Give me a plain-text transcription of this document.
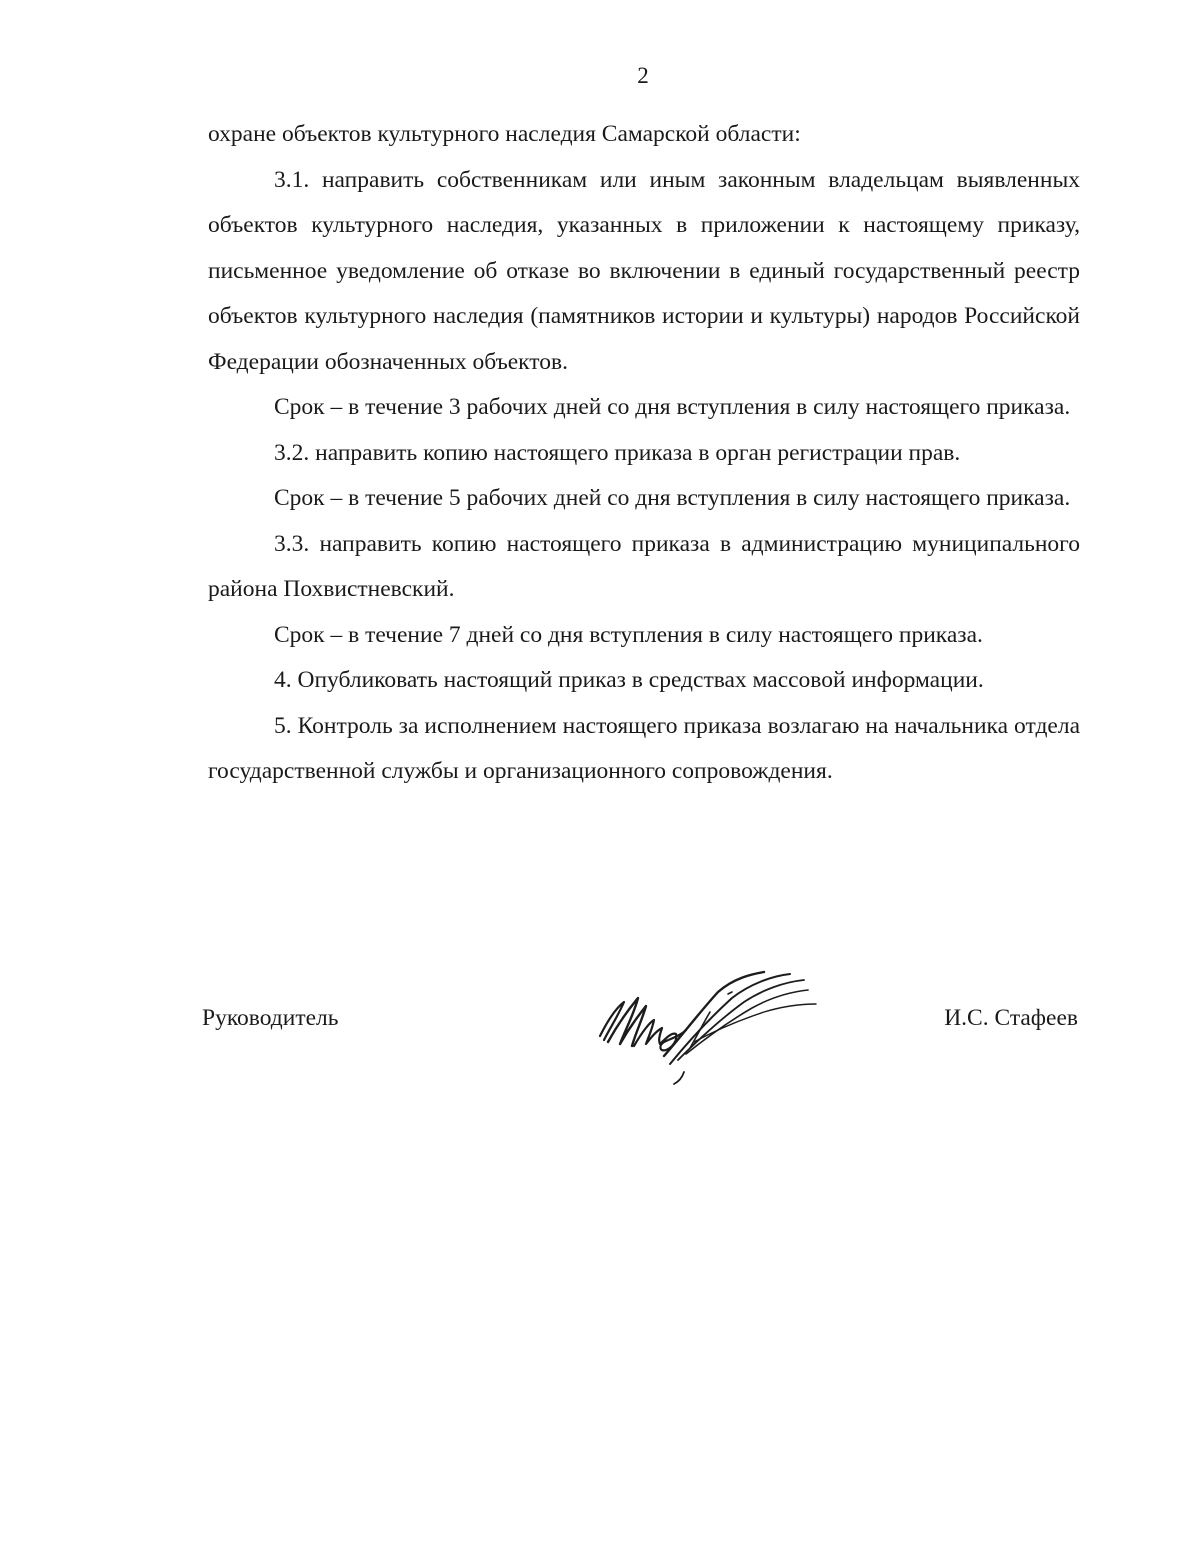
2

охране объектов культурного наследия Самарской области:

3.1. направить собственникам или иным законным владельцам выявленных объектов культурного наследия, указанных в приложении к настоящему приказу, письменное уведомление об отказе во включении в единый государственный реестр объектов культурного наследия (памятников истории и культуры) народов Российской Федерации обозначенных объектов.

Срок – в течение 3 рабочих дней со дня вступления в силу настоящего приказа.

3.2. направить копию настоящего приказа в орган регистрации прав.

Срок – в течение 5 рабочих дней со дня вступления в силу настоящего приказа.

3.3. направить копию настоящего приказа в администрацию муниципального района Похвистневский.

Срок – в течение 7 дней со дня вступления в силу настоящего приказа.

4. Опубликовать настоящий приказ в средствах массовой информации.

5. Контроль за исполнением настоящего приказа возлагаю на начальника отдела государственной службы и организационного сопровождения.

Руководитель	И.С. Стафеев
